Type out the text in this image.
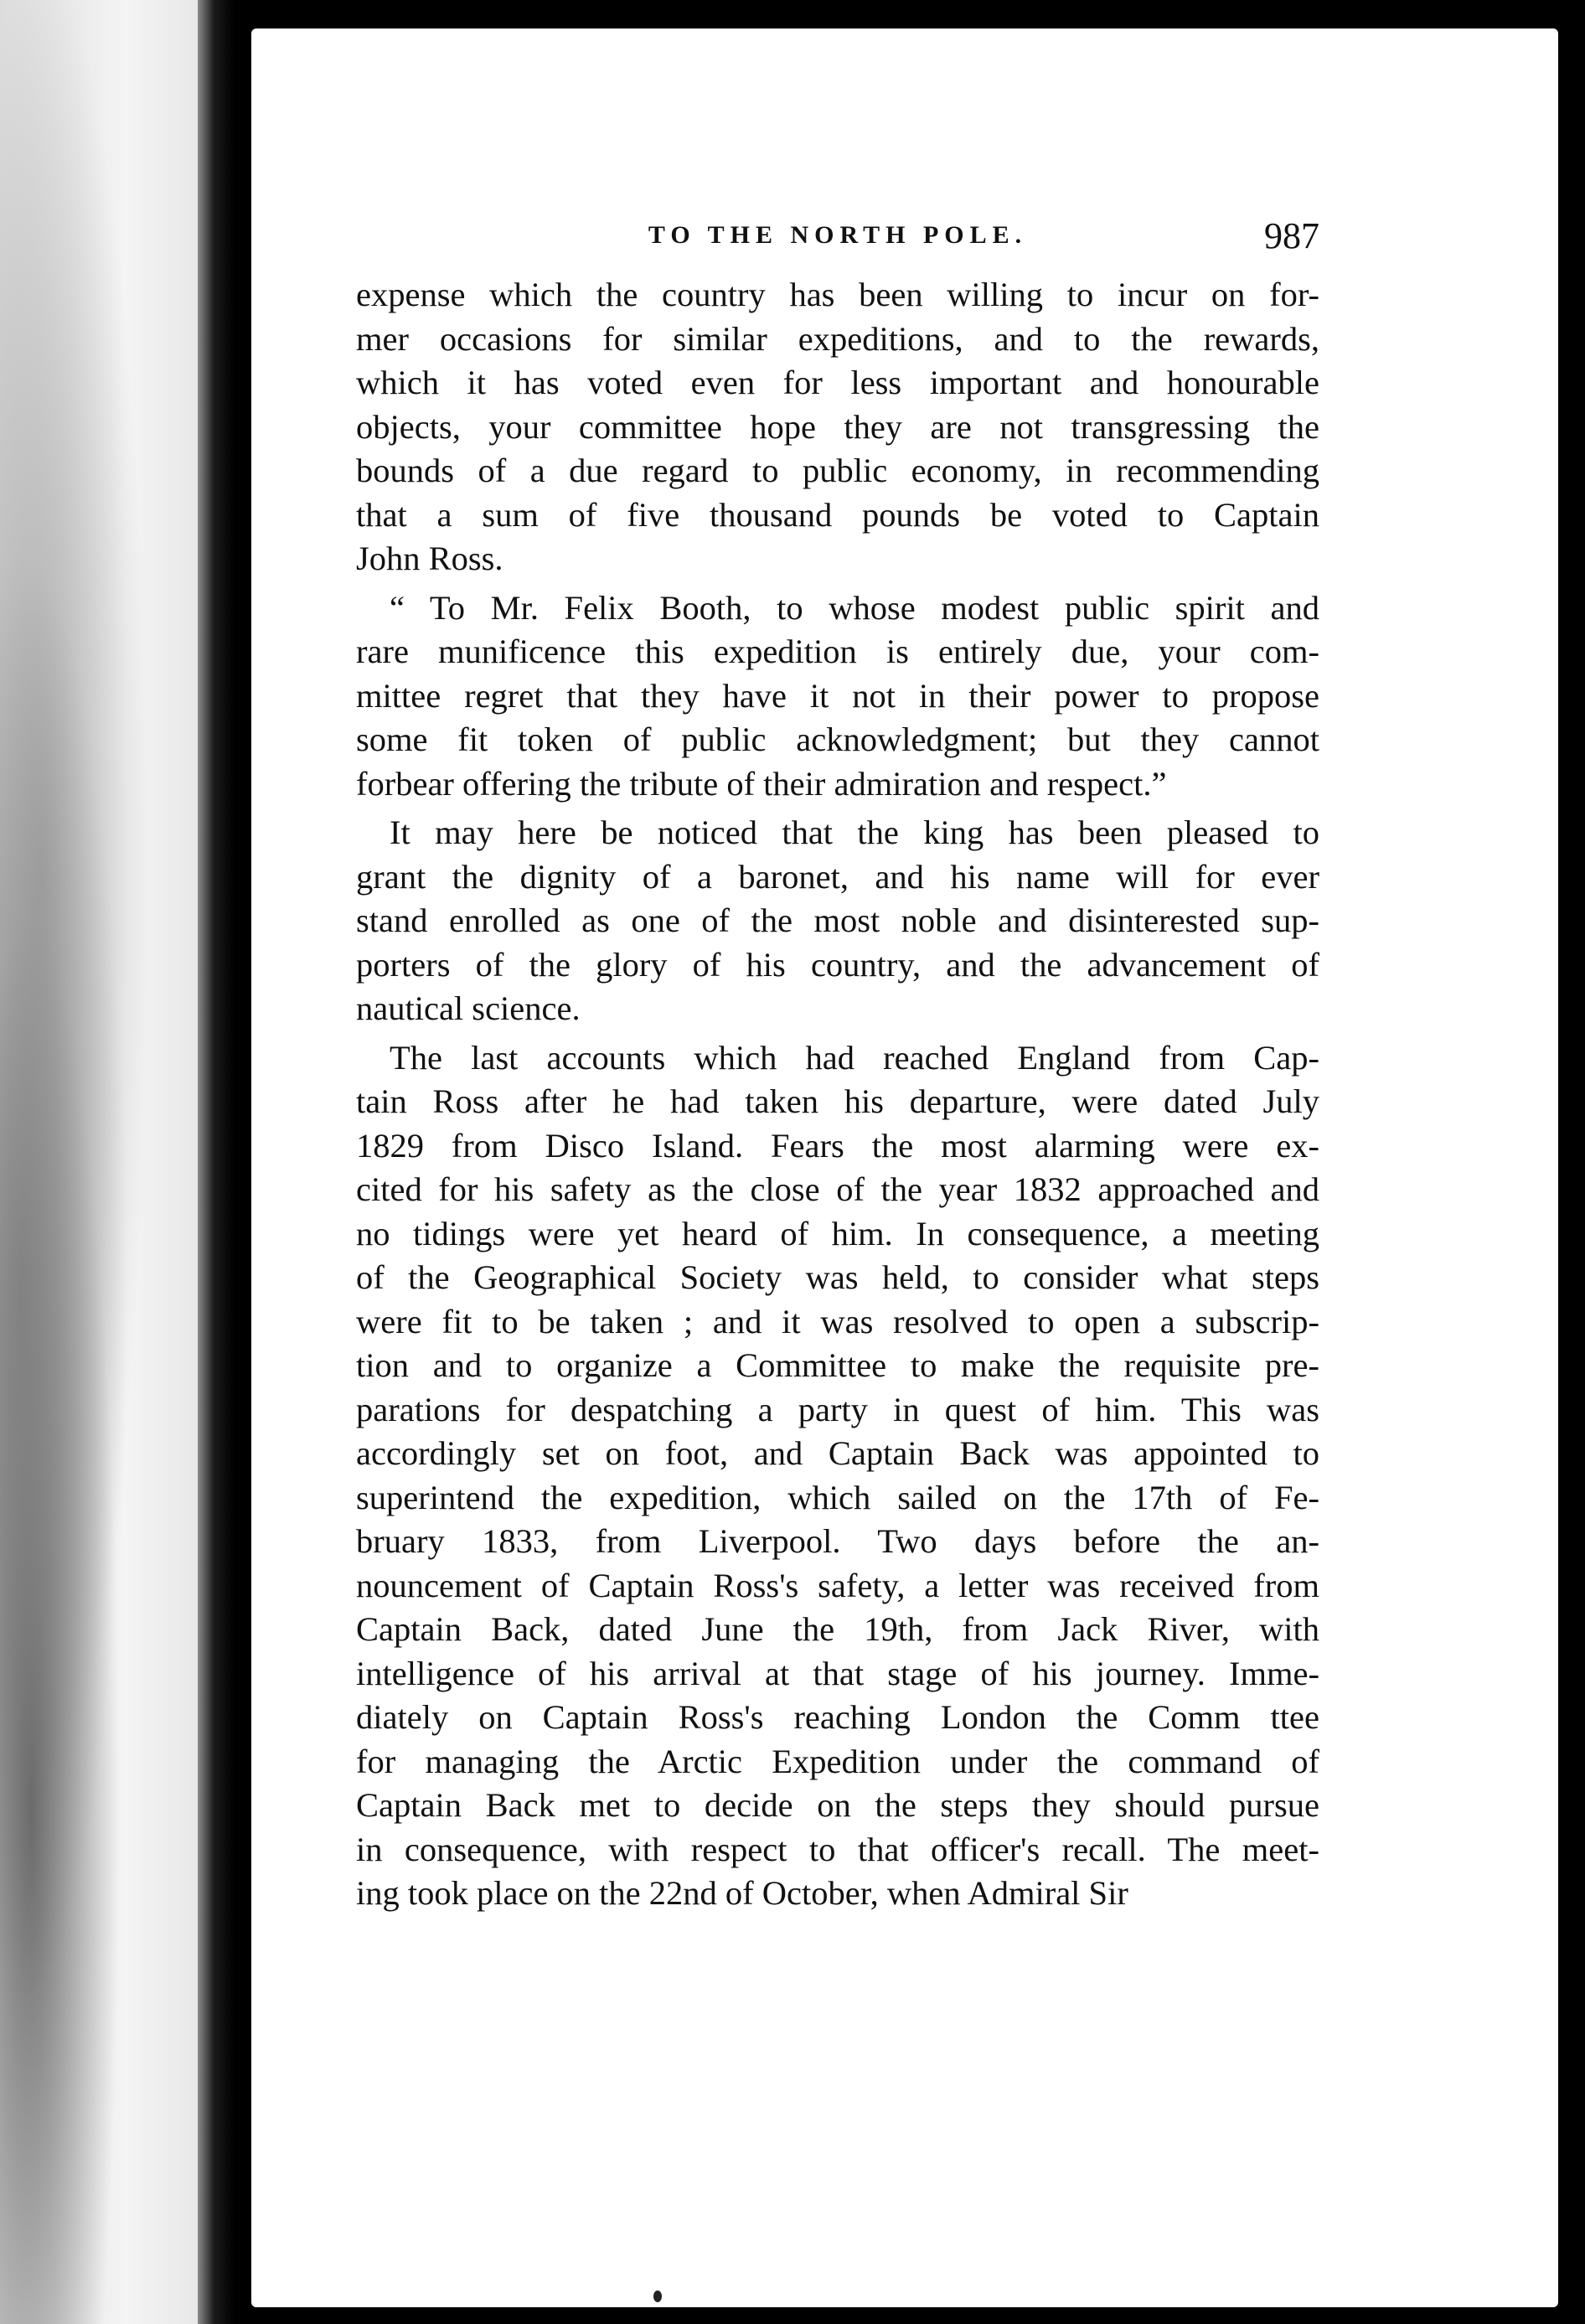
TO THE NORTH POLE.	987
expense which the country has been willing to incur on for-
mer occasions for similar expeditions, and to the rewards,
which it has voted even for less important and honourable
objects, your committee hope they are not transgressing the
bounds of a due regard to public economy, in recommending
that a sum of five thousand pounds be voted to Captain
John Ross.
“ To Mr. Felix Booth, to whose modest public spirit and
rare munificence this expedition is entirely due, your com-
mittee regret that they have it not in their power to propose
some fit token of public acknowledgment; but they cannot
forbear offering the tribute of their admiration and respect.”
It may here be noticed that the king has been pleased to
grant the dignity of a baronet, and his name will for ever
stand enrolled as one of the most noble and disinterested sup-
porters of the glory of his country, and the advancement of
nautical science.
The last accounts which had reached England from Cap-
tain Ross after he had taken his departure, were dated July
1829 from Disco Island. Fears the most alarming were ex-
cited for his safety as the close of the year 1832 approached and
no tidings were yet heard of him. In consequence, a meeting
of the Geographical Society was held, to consider what steps
were fit to be taken ; and it was resolved to open a subscrip-
tion and to organize a Committee to make the requisite pre-
parations for despatching a party in quest of him. This was
accordingly set on foot, and Captain Back was appointed to
superintend the expedition, which sailed on the 17th of Fe-
bruary 1833, from Liverpool. Two days before the an-
nouncement of Captain Ross's safety, a letter was received from
Captain Back, dated June the 19th, from Jack River, with
intelligence of his arrival at that stage of his journey. Imme-
diately on Captain Ross's reaching London the Comm ttee
for managing the Arctic Expedition under the command of
Captain Back met to decide on the steps they should pursue
in consequence, with respect to that officer's recall. The meet-
ing took place on the 22nd of October, when Admiral Sir
